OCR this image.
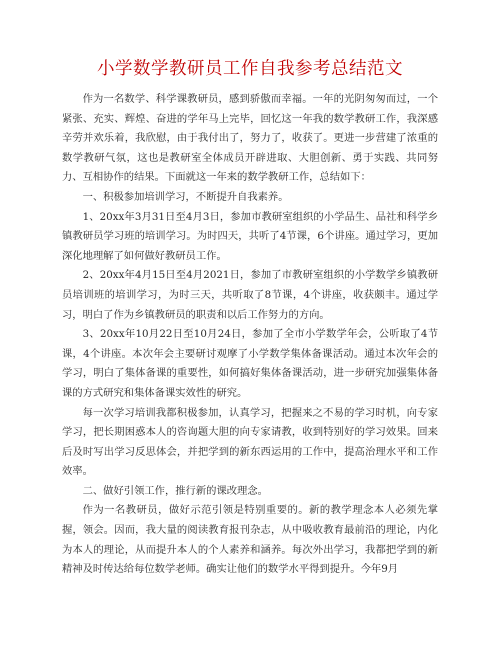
小学数学教研员工作自我参考总结范文

作为一名数学、科学课教研员，感到骄傲而幸福。一年的光阴匆匆而过，一个紧张、充实、辉煌、奋进的学年马上完毕，回忆这一年我的数学教研工作，我深感辛劳并欢乐着，我欣慰，由于我付出了，努力了，收获了。更进一步营建了浓重的数学教研气氛，这也是教研室全体成员开辟进取、大胆创新、勇于实践、共同努力、互相协作的结果。下面就这一年来的数学教研工作，总结如下：

一、积极参加培训学习，不断提升自我素养。

1、20xx年3月31日至4月3日，参加市教研室组织的小学品生、品社和科学乡镇教研员学习班的培训学习。为时四天，共听了4节课，6个讲座。通过学习，更加深化地理解了如何做好教研员工作。

2、20xx年4月15日至4月2021日，参加了市教研室组织的小学数学乡镇教研员培训班的培训学习，为时三天，共听取了8节课，4个讲座，收获颇丰。通过学习，明白了作为乡镇教研员的职责和以后工作努力的方向。

3、20xx年10月22日至10月24日，参加了全市小学数学年会，公听取了4节课，4个讲座。本次年会主要研讨观摩了小学数学集体备课活动。通过本次年会的学习，明白了集体备课的重要性，如何搞好集体备课活动，进一步研究加强集体备课的方式研究和集体备课实效性的研究。

每一次学习培训我都积极参加，认真学习，把握来之不易的学习时机，向专家学习，把长期困惑本人的咨询题大胆的向专家请教，收到特别好的学习效果。回来后及时写出学习反思体会，并把学到的新东西运用的工作中，提高治理水平和工作效率。

二、做好引领工作，推行新的课改理念。

作为一名教研员，做好示范引领是特别重要的。新的教学理念本人必须先掌握，领会。因而，我大量的阅读教育报刊杂志，从中吸收教育最前沿的理论，内化为本人的理论，从而提升本人的个人素养和涵养。每次外出学习，我都把学到的新精神及时传达给每位数学老师。确实让他们的数学水平得到提升。今年9月
